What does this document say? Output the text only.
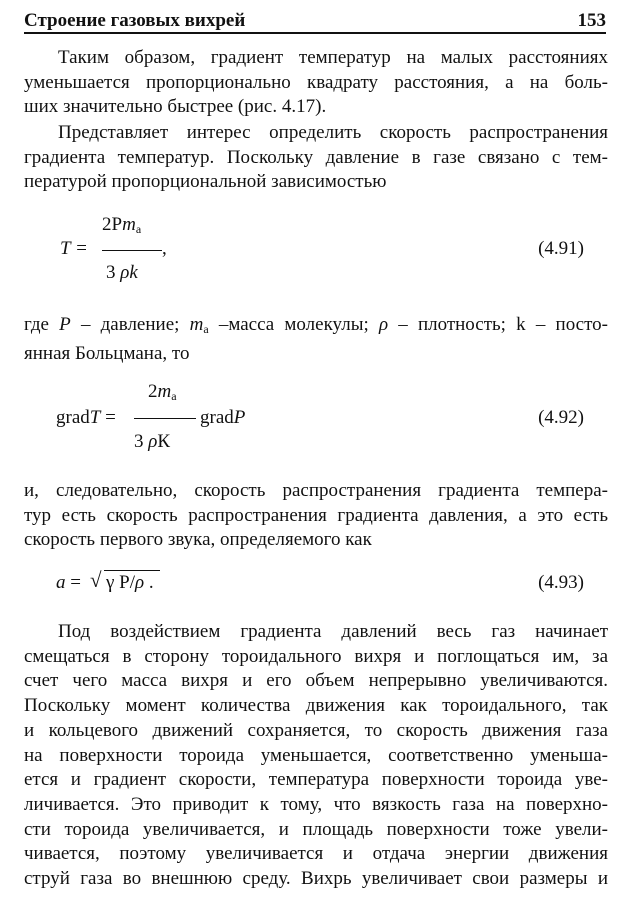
Строение газовых вихрей	153

Таким образом, градиент температур на малых расстояниях
уменьшается пропорционально квадрату расстояния, а на боль-
ших значительно быстрее (рис. 4.17).

Представляет интерес определить скорость распространения
градиента температур. Поскольку давление в газе связано с тем-
пературой пропорциональной зависимостью

T =
$2Pm_a$
3 ρk
,	(4.91)

где P – давление; $m_а$ –масса молекулы; ρ – плотность; k – посто-
янная Больцмана, то

gradT =
$2m_а$
3 ρК
gradP	(4.92)

и, следовательно, скорость распространения градиента темпера-
тур есть скорость распространения градиента давления, а это есть
скорость первого звука, определяемого как

a = √ γ P/ρ .	(4.93)

Под воздействием градиента давлений весь газ начинает
смещаться в сторону тороидального вихря и поглощаться им, за
счет чего масса вихря и его объем непрерывно увеличиваются.
Поскольку момент количества движения как тороидального, так
и кольцевого движений сохраняется, то скорость движения газа
на поверхности тороида уменьшается, соответственно уменьша-
ется и градиент скорости, температура поверхности тороида уве-
личивается. Это приводит к тому, что вязкость газа на поверхно-
сти тороида увеличивается, и площадь поверхности тоже увели-
чивается, поэтому увеличивается и отдача энергии движения
струй газа во внешнюю среду. Вихрь увеличивает свои размеры и
